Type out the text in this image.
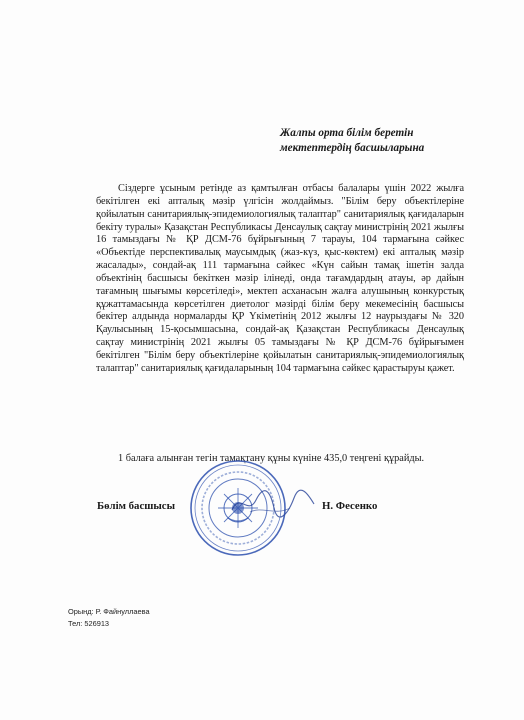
Жалпы орта білім беретін
мектептердің басшыларына

Сіздерге ұсыным ретінде аз қамтылған отбасы балалары үшін 2022 жылға бекітілген екі апталық мәзір үлгісін жолдаймыз. "Білім беру объектілеріне қойылатын санитариялық-эпидемиологиялық талаптар" санитариялық қағидаларын бекіту туралы» Қазақстан Республикасы Денсаулық сақтау министрінің 2021 жылғы 16 тамыздағы № ҚР ДСМ-76 бұйрығының 7 тарауы, 104 тармағына сәйкес «Объектіде перспективалық маусымдық (жаз-күз, қыс-көктем) екі апталық мәзір жасалады», сондай-ақ 111 тармағына сәйкес «Күн сайын тамақ ішетін залда объектінің басшысы бекіткен мәзір ілінеді, онда тағамдардың атауы, әр дайын тағамның шығымы көрсетіледі», мектеп асханасын жалға алушының конкурстық құжаттамасында көрсетілген диетолог мәзірді білім беру мекемесінің басшысы бекітер алдында нормаларды ҚР Үкіметінің 2012 жылғы 12 наурыздағы № 320 Қаулысының 15-қосымшасына, сондай-ақ Қазақстан Республикасы Денсаулық сақтау министрінің 2021 жылғы 05 тамыздағы № ҚР ДСМ-76 бұйрығымен бекітілген "Білім беру объектілеріне қойылатын санитариялық-эпидемиологиялық талаптар" санитариялық қағидаларының 104 тармағына сәйкес қарастыруы қажет.

1 балаға алынған тегін тамақтану құны күніне 435,0 теңгені құрайды.
Бөлім басшысы	Н. Фесенко
Орынд: Р. Файнуллаева
Тел: 526913
